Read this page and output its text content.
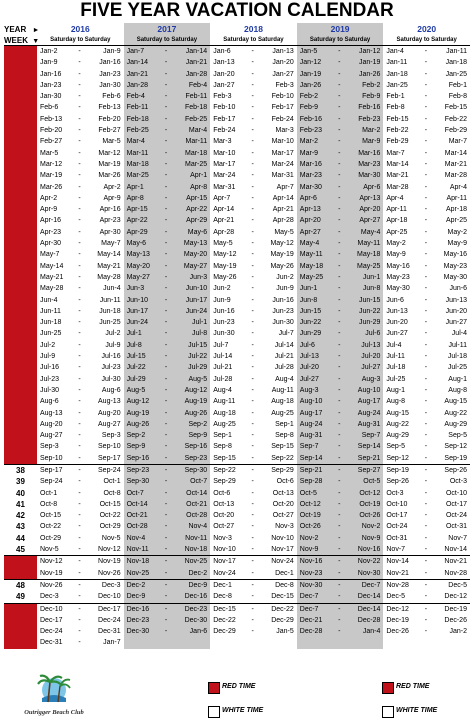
FIVE YEAR VACATION CALENDAR
YEAR ►	2016	2017	2018	2019	2020
WEEK ▼	Saturday to Saturday	Saturday to Saturday	Saturday to Saturday	Saturday to Saturday	Saturday to Saturday
1	Jan-2 - Jan-9	Jan-7 - Jan-14	Jan-6 - Jan-13	Jan-5 - Jan-12	Jan-4 - Jan-11

2	Jan-9 - Jan-16	Jan-14 - Jan-21	Jan-13 - Jan-20	Jan-12 - Jan-19	Jan-11 - Jan-18

3	Jan-16 - Jan-23	Jan-21 - Jan-28	Jan-20 - Jan-27	Jan-19 - Jan-26	Jan-18 - Jan-25

4	Jan-23 - Jan-30	Jan-28 - Feb-4	Jan-27 - Feb-3	Jan-26 - Feb-2	Jan-25 - Feb-1

5	Jan-30 - Feb-6	Feb-4 - Feb-11	Feb-3 - Feb-10	Feb-2 - Feb-9	Feb-1 - Feb-8

6	Feb-6 - Feb-13	Feb-11 - Feb-18	Feb-10 - Feb-17	Feb-9 - Feb-16	Feb-8 - Feb-15

7	Feb-13 - Feb-20	Feb-18 - Feb-25	Feb-17 - Feb-24	Feb-16 - Feb-23	Feb-15 - Feb-22

8	Feb-20 - Feb-27	Feb-25 - Mar-4	Feb-24 - Mar-3	Feb-23 - Mar-2	Feb-22 - Feb-29

9	Feb-27 - Mar-5	Mar-4 - Mar-11	Mar-3 - Mar-10	Mar-2 - Mar-9	Feb-29 - Mar-7

10	Mar-5 - Mar-12	Mar-11 - Mar-18	Mar-10 - Mar-17	Mar-9 - Mar-16	Mar-7 - Mar-14

11	Mar-12 - Mar-19	Mar-18 - Mar-25	Mar-17 - Mar-24	Mar-16 - Mar-23	Mar-14 - Mar-21

12	Mar-19 - Mar-26	Mar-25 - Apr-1	Mar-24 - Mar-31	Mar-23 - Mar-30	Mar-21 - Mar-28

13	Mar-26 - Apr-2	Apr-1 - Apr-8	Mar-31 - Apr-7	Mar-30 - Apr-6	Mar-28 - Apr-4

14	Apr-2 - Apr-9	Apr-8 - Apr-15	Apr-7 - Apr-14	Apr-6 - Apr-13	Apr-4 - Apr-11

15	Apr-9 - Apr-16	Apr-15 - Apr-22	Apr-14 - Apr-21	Apr-13 - Apr-20	Apr-11 - Apr-18

16	Apr-16 - Apr-23	Apr-22 - Apr-29	Apr-21 - Apr-28	Apr-20 - Apr-27	Apr-18 - Apr-25

17	Apr-23 - Apr-30	Apr-29 - May-6	Apr-28 - May-5	Apr-27 - May-4	Apr-25 - May-2

18	Apr-30 - May-7	May-6 - May-13	May-5 - May-12	May-4 - May-11	May-2 - May-9

19	May-7 - May-14	May-13 - May-20	May-12 - May-19	May-11 - May-18	May-9 - May-16

20	May-14 - May-21	May-20 - May-27	May-19 - May-26	May-18 - May-25	May-16 - May-23

21	May-21 - May-28	May-27 - Jun-3	May-26 - Jun-2	May-25 - Jun-1	May-23 - May-30

22	May-28 - Jun-4	Jun-3 - Jun-10	Jun-2 - Jun-9	Jun-1 - Jun-8	May-30 - Jun-6

23	Jun-4 - Jun-11	Jun-10 - Jun-17	Jun-9 - Jun-16	Jun-8 - Jun-15	Jun-6 - Jun-13

24	Jun-11 - Jun-18	Jun-17 - Jun-24	Jun-16 - Jun-23	Jun-15 - Jun-22	Jun-13 - Jun-20

25	Jun-18 - Jun-25	Jun-24 - Jul-1	Jun-23 - Jun-30	Jun-22 - Jun-29	Jun-20 - Jun-27

26	Jun-25 - Jul-2	Jul-1 - Jul-8	Jun-30 - Jul-7	Jun-29 - Jul-6	Jun-27 - Jul-4

27	Jul-2 - Jul-9	Jul-8 - Jul-15	Jul-7 - Jul-14	Jul-6 - Jul-13	Jul-4 - Jul-11

28	Jul-9 - Jul-16	Jul-15 - Jul-22	Jul-14 - Jul-21	Jul-13 - Jul-20	Jul-11 - Jul-18

29	Jul-16 - Jul-23	Jul-22 - Jul-29	Jul-21 - Jul-28	Jul-20 - Jul-27	Jul-18 - Jul-25

30	Jul-23 - Jul-30	Jul-29 - Aug-5	Jul-28 - Aug-4	Jul-27 - Aug-3	Jul-25 - Aug-1

31	Jul-30 - Aug-6	Aug-5 - Aug-12	Aug-4 - Aug-11	Aug-3 - Aug-10	Aug-1 - Aug-8

32	Aug-6 - Aug-13	Aug-12 - Aug-19	Aug-11 - Aug-18	Aug-10 - Aug-17	Aug-8 - Aug-15

33	Aug-13 - Aug-20	Aug-19 - Aug-26	Aug-18 - Aug-25	Aug-17 - Aug-24	Aug-15 - Aug-22

34	Aug-20 - Aug-27	Aug-26 - Sep-2	Aug-25 - Sep-1	Aug-24 - Aug-31	Aug-22 - Aug-29

35	Aug-27 - Sep-3	Sep-2 - Sep-9	Sep-1 - Sep-8	Aug-31 - Sep-7	Aug-29 - Sep-5

36	Sep-3 - Sep-10	Sep-9 - Sep-16	Sep-8 - Sep-15	Sep-7 - Sep-14	Sep-5 - Sep-12

37	Sep-10 - Sep-17	Sep-16 - Sep-23	Sep-15 - Sep-22	Sep-14 - Sep-21	Sep-12 - Sep-19

38	Sep-17 - Sep-24	Sep-23 - Sep-30	Sep-22 - Sep-29	Sep-21 - Sep-27	Sep-19 - Sep-26

39	Sep-24 - Oct-1	Sep-30 - Oct-7	Sep-29 - Oct-6	Sep-28 - Oct-5	Sep-26 - Oct-3

40	Oct-1 - Oct-8	Oct-7 - Oct-14	Oct-6 - Oct-13	Oct-5 - Oct-12	Oct-3 - Oct-10

41	Oct-8 - Oct-15	Oct-14 - Oct-21	Oct-13 - Oct-20	Oct-12 - Oct-19	Oct-10 - Oct-17

42	Oct-15 - Oct-22	Oct-21 - Oct-28	Oct-20 - Oct-27	Oct-19 - Oct-26	Oct-17 - Oct-24

43	Oct-22 - Oct-29	Oct-28 - Nov-4	Oct-27 - Nov-3	Oct-26 - Nov-2	Oct-24 - Oct-31

44	Oct-29 - Nov-5	Nov-4 - Nov-11	Nov-3 - Nov-10	Nov-2 - Nov-9	Oct-31 - Nov-7

45	Nov-5 - Nov-12	Nov-11 - Nov-18	Nov-10 - Nov-17	Nov-9 - Nov-16	Nov-7 - Nov-14

46	Nov-12 - Nov-19	Nov-18 - Nov-25	Nov-17 - Nov-24	Nov-16 - Nov-22	Nov-14 - Nov-21

47	Nov-19 - Nov-26	Nov-25 - Dec-2	Nov-24 - Dec-1	Nov-23 - Nov-30	Nov-21 - Nov-28

48	Nov-26 - Dec-3	Dec-2 - Dec-9	Dec-1 - Dec-8	Nov-30 - Dec-7	Nov-28 - Dec-5

49	Dec-3 - Dec-10	Dec-9 - Dec-16	Dec-8 - Dec-15	Dec-7 - Dec-14	Dec-5 - Dec-12

50	Dec-10 - Dec-17	Dec-16 - Dec-23	Dec-15 - Dec-22	Dec-7 - Dec-14	Dec-12 - Dec-19

51	Dec-17 - Dec-24	Dec-23 - Dec-30	Dec-22 - Dec-29	Dec-21 - Dec-28	Dec-19 - Dec-26

52	Dec-24 - Dec-31	Dec-30 - Jan-6	Dec-29 - Jan-5	Dec-28 - Jan-4	Dec-26 - Jan-2

53	Dec-31 - Jan-7				

Outrigger Beach Club
RED TIME
WHITE TIME
RED TIME
WHITE TIME
